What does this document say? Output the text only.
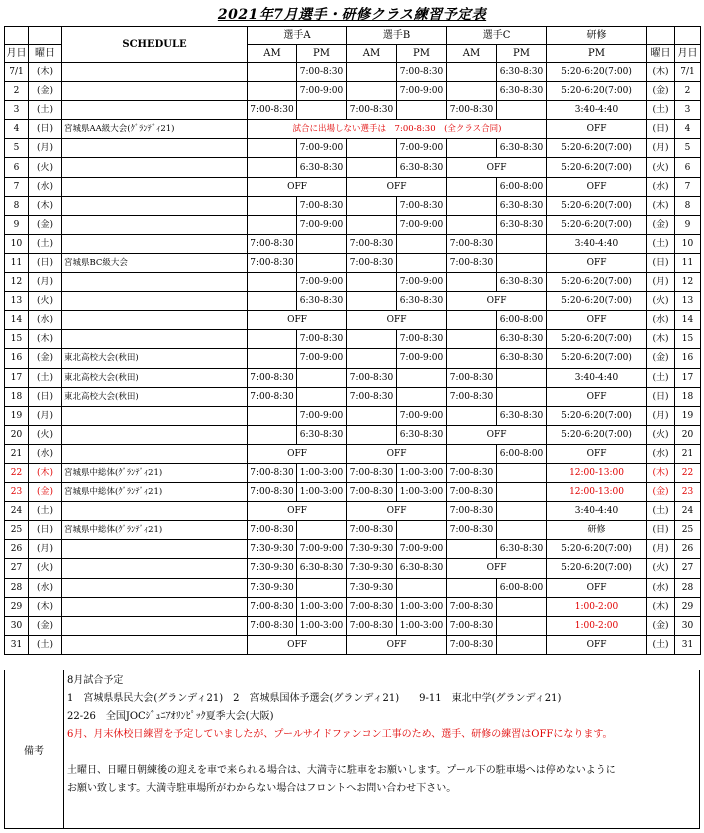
2021年7月選手・研修クラス練習予定表
		SCHEDULE	選手A		選手B		選手C		研修		
月日	曜日		AM	PM	AM	PM	AM	PM	PM	曜日	月日
7/1	(木)			7:00-8:30		7:00-8:30		6:30-8:30	5:20-6:20(7:00)	(木)	7/1
2	(金)			7:00-9:00		7:00-9:00		6:30-8:30	5:20-6:20(7:00)	(金)	2
3	(土)		7:00-8:30		7:00-8:30		7:00-8:30		3:40-4:40	(土)	3
4	(日)	宮城県AA級大会(ｸﾞﾗﾝﾃﾞｨ21)	試合に出場しない選手は　7:00-8:30　(全クラス合同)						OFF	(日)	4
5	(月)			7:00-9:00		7:00-9:00		6:30-8:30	5:20-6:20(7:00)	(月)	5
6	(火)			6:30-8:30		6:30-8:30	OFF		5:20-6:20(7:00)	(火)	6
7	(水)		OFF		OFF			6:00-8:00	OFF	(水)	7
8	(木)			7:00-8:30		7:00-8:30		6:30-8:30	5:20-6:20(7:00)	(木)	8
9	(金)			7:00-9:00		7:00-9:00		6:30-8:30	5:20-6:20(7:00)	(金)	9
10	(土)		7:00-8:30		7:00-8:30		7:00-8:30		3:40-4:40	(土)	10
11	(日)	宮城県BC級大会	7:00-8:30		7:00-8:30		7:00-8:30		OFF	(日)	11
12	(月)			7:00-9:00		7:00-9:00		6:30-8:30	5:20-6:20(7:00)	(月)	12
13	(火)			6:30-8:30		6:30-8:30	OFF		5:20-6:20(7:00)	(火)	13
14	(水)		OFF		OFF			6:00-8:00	OFF	(水)	14
15	(木)			7:00-8:30		7:00-8:30		6:30-8:30	5:20-6:20(7:00)	(木)	15
16	(金)	東北高校大会(秋田)		7:00-9:00		7:00-9:00		6:30-8:30	5:20-6:20(7:00)	(金)	16
17	(土)	東北高校大会(秋田)	7:00-8:30		7:00-8:30		7:00-8:30		3:40-4:40	(土)	17
18	(日)	東北高校大会(秋田)	7:00-8:30		7:00-8:30		7:00-8:30		OFF	(日)	18
19	(月)			7:00-9:00		7:00-9:00		6:30-8:30	5:20-6:20(7:00)	(月)	19
20	(火)			6:30-8:30		6:30-8:30	OFF		5:20-6:20(7:00)	(火)	20
21	(水)		OFF		OFF			6:00-8:00	OFF	(水)	21
22	(木)	宮城県中総体(ｸﾞﾗﾝﾃﾞｨ21)	7:00-8:30	1:00-3:00	7:00-8:30	1:00-3:00	7:00-8:30		12:00-13:00	(木)	22
23	(金)	宮城県中総体(ｸﾞﾗﾝﾃﾞｨ21)	7:00-8:30	1:00-3:00	7:00-8:30	1:00-3:00	7:00-8:30		12:00-13:00	(金)	23
24	(土)		OFF		OFF		7:00-8:30		3:40-4:40	(土)	24
25	(日)	宮城県中総体(ｸﾞﾗﾝﾃﾞｨ21)	7:00-8:30		7:00-8:30		7:00-8:30		研修	(日)	25
26	(月)		7:30-9:30	7:00-9:00	7:30-9:30	7:00-9:00		6:30-8:30	5:20-6:20(7:00)	(月)	26
27	(火)		7:30-9:30	6:30-8:30	7:30-9:30	6:30-8:30	OFF		5:20-6:20(7:00)	(火)	27
28	(水)		7:30-9:30		7:30-9:30			6:00-8:00	OFF	(水)	28
29	(木)		7:00-8:30	1:00-3:00	7:00-8:30	1:00-3:00	7:00-8:30		1:00-2:00	(木)	29
30	(金)		7:00-8:30	1:00-3:00	7:00-8:30	1:00-3:00	7:00-8:30		1:00-2:00	(金)	30
31	(土)		OFF		OFF		7:00-8:30		OFF	(土)	31
備考
8月試合予定
1　宮城県県民大会(グランディ21)　2　宮城県国体予選会(グランディ21)　　9-11　東北中学(グランディ21)
22-26　全国JOCｼﾞｭﾆｱｵﾘﾝﾋﾟｯｸ夏季大会(大阪)
6月、月末休校日練習を予定していましたが、プールサイドファンコン工事のため、選手、研修の練習はOFFになります。
土曜日、日曜日朝練後の迎えを車で来られる場合は、大満寺に駐車をお願いします。プール下の駐車場へは停めないように
お願い致します。大満寺駐車場所がわからない場合はフロントへお問い合わせ下さい。
